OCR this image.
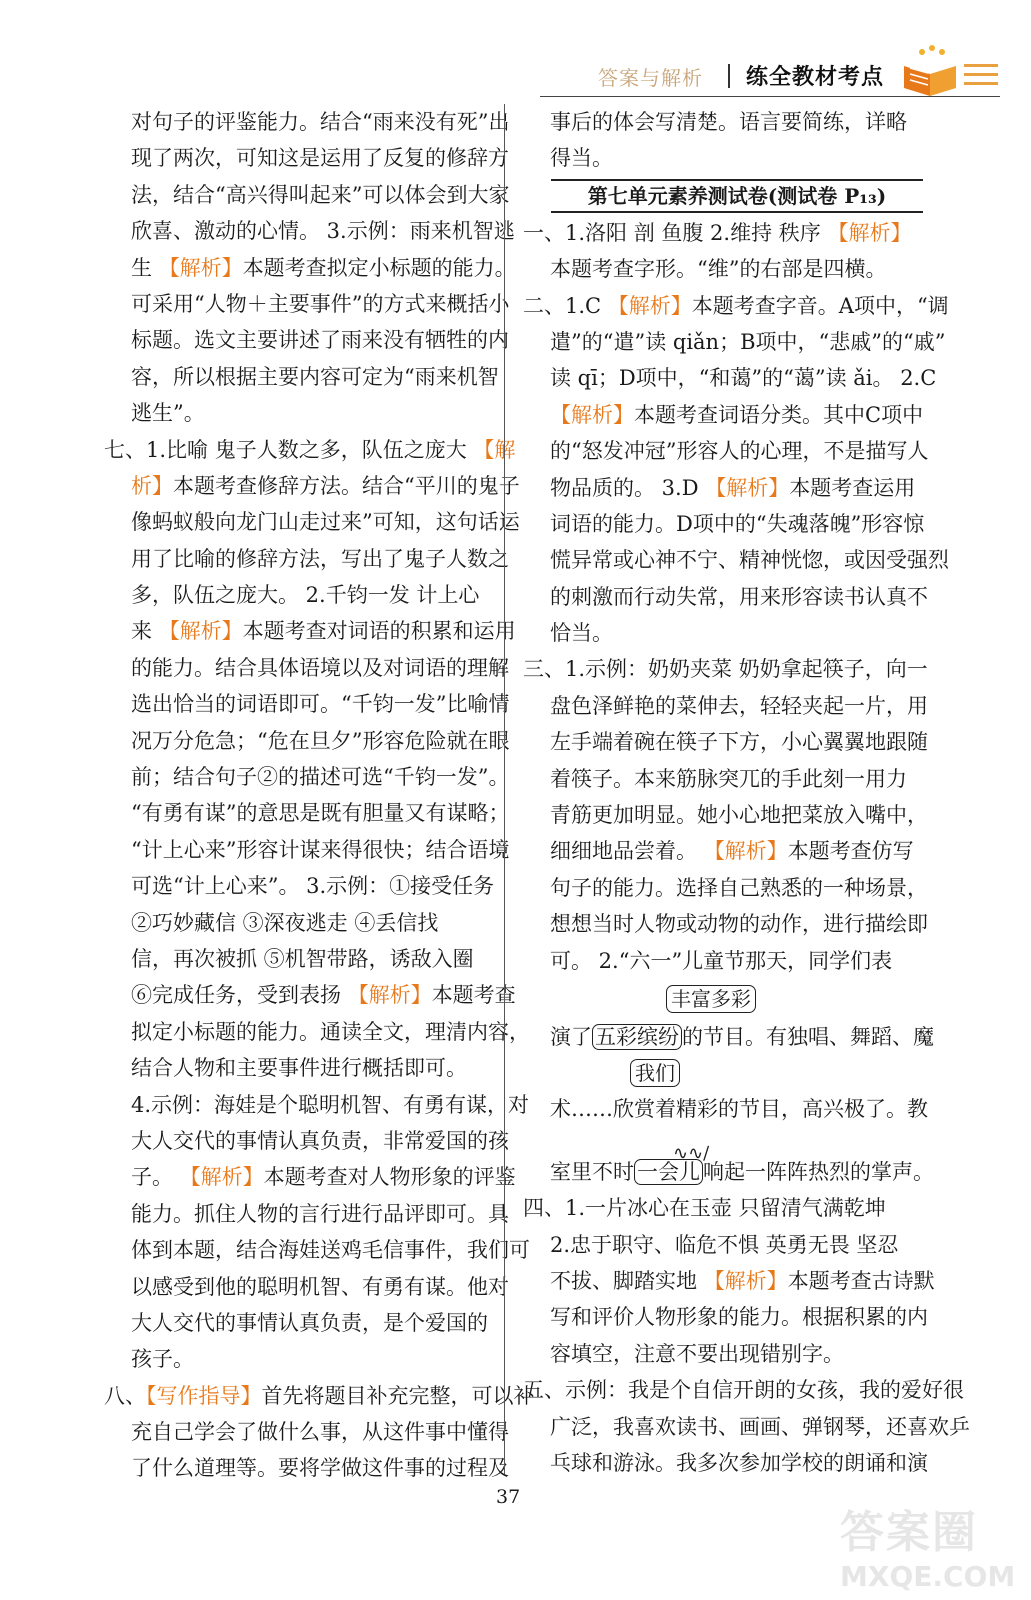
答案与解析 练全教材考点
对句子的评鉴能力。结合“雨来没有死”出
现了两次，可知这是运用了反复的修辞方
法，结合“高兴得叫起来”可以体会到大家
欣喜、激动的心情。 3.示例：雨来机智逃
生 【解析】本题考查拟定小标题的能力。
可采用“人物＋主要事件”的方式来概括小
标题。选文主要讲述了雨来没有牺牲的内
容，所以根据主要内容可定为“雨来机智
逃生”。
七、1.比喻 鬼子人数之多，队伍之庞大 【解
析】本题考查修辞方法。结合“平川的鬼子
像蚂蚁般向龙门山走过来”可知，这句话运
用了比喻的修辞方法，写出了鬼子人数之
多，队伍之庞大。 2.千钧一发 计上心
来 【解析】本题考查对词语的积累和运用
的能力。结合具体语境以及对词语的理解
选出恰当的词语即可。“千钧一发”比喻情
况万分危急；“危在旦夕”形容危险就在眼
前；结合句子②的描述可选“千钧一发”。
“有勇有谋”的意思是既有胆量又有谋略；
“计上心来”形容计谋来得很快；结合语境
可选“计上心来”。 3.示例：①接受任务
②巧妙藏信 ③深夜逃走 ④丢信找
信，再次被抓 ⑤机智带路，诱敌入圈
⑥完成任务，受到表扬 【解析】本题考查
拟定小标题的能力。通读全文，理清内容，
结合人物和主要事件进行概括即可。
4.示例：海娃是个聪明机智、有勇有谋，对
大人交代的事情认真负责，非常爱国的孩
子。 【解析】本题考查对人物形象的评鉴
能力。抓住人物的言行进行品评即可。具
体到本题，结合海娃送鸡毛信事件，我们可
以感受到他的聪明机智、有勇有谋。他对
大人交代的事情认真负责，是个爱国的
孩子。
八、【写作指导】首先将题目补充完整，可以补
充自己学会了做什么事，从这件事中懂得
了什么道理等。要将学做这件事的过程及
事后的体会写清楚。语言要简练，详略
得当。
第七单元素养测试卷(测试卷 P₁₃)
一、1.洛阳 剖 鱼腹 2.维持 秩序 【解析】
本题考查字形。“维”的右部是四横。
二、1.C 【解析】本题考查字音。A项中，“调
遣”的“遣”读 qiǎn；B项中，“悲戚”的“戚”
读 qī；D项中，“和蔼”的“蔼”读 ǎi。 2.C
【解析】本题考查词语分类。其中C项中
的“怒发冲冠”形容人的心理，不是描写人
物品质的。 3.D 【解析】本题考查运用
词语的能力。D项中的“失魂落魄”形容惊
慌异常或心神不宁、精神恍惚，或因受强烈
的刺激而行动失常，用来形容读书认真不
恰当。
三、1.示例：奶奶夹菜 奶奶拿起筷子，向一
盘色泽鲜艳的菜伸去，轻轻夹起一片，用
左手端着碗在筷子下方，小心翼翼地跟随
着筷子。本来筋脉突兀的手此刻一用力
青筋更加明显。她小心地把菜放入嘴中，
细细地品尝着。 【解析】本题考查仿写
句子的能力。选择自己熟悉的一种场景，
想想当时人物或动物的动作，进行描绘即
可。 2.“六一”儿童节那天，同学们表
丰富多彩
演了 五彩缤纷 的节目。有独唱、舞蹈、魔
我们
术……欣赏着精彩的节目，高兴极了。教
∿∿∕
室里不时 一会儿 响起一阵阵热烈的掌声。
四、1.一片冰心在玉壶 只留清气满乾坤
2.忠于职守、临危不惧 英勇无畏 坚忍
不拔、脚踏实地 【解析】本题考查古诗默
写和评价人物形象的能力。根据积累的内
容填空，注意不要出现错别字。
五、示例：我是个自信开朗的女孩，我的爱好很
广泛，我喜欢读书、画画、弹钢琴，还喜欢乒
乓球和游泳。我多次参加学校的朗诵和演
37
答案圈
MXQE.COM
